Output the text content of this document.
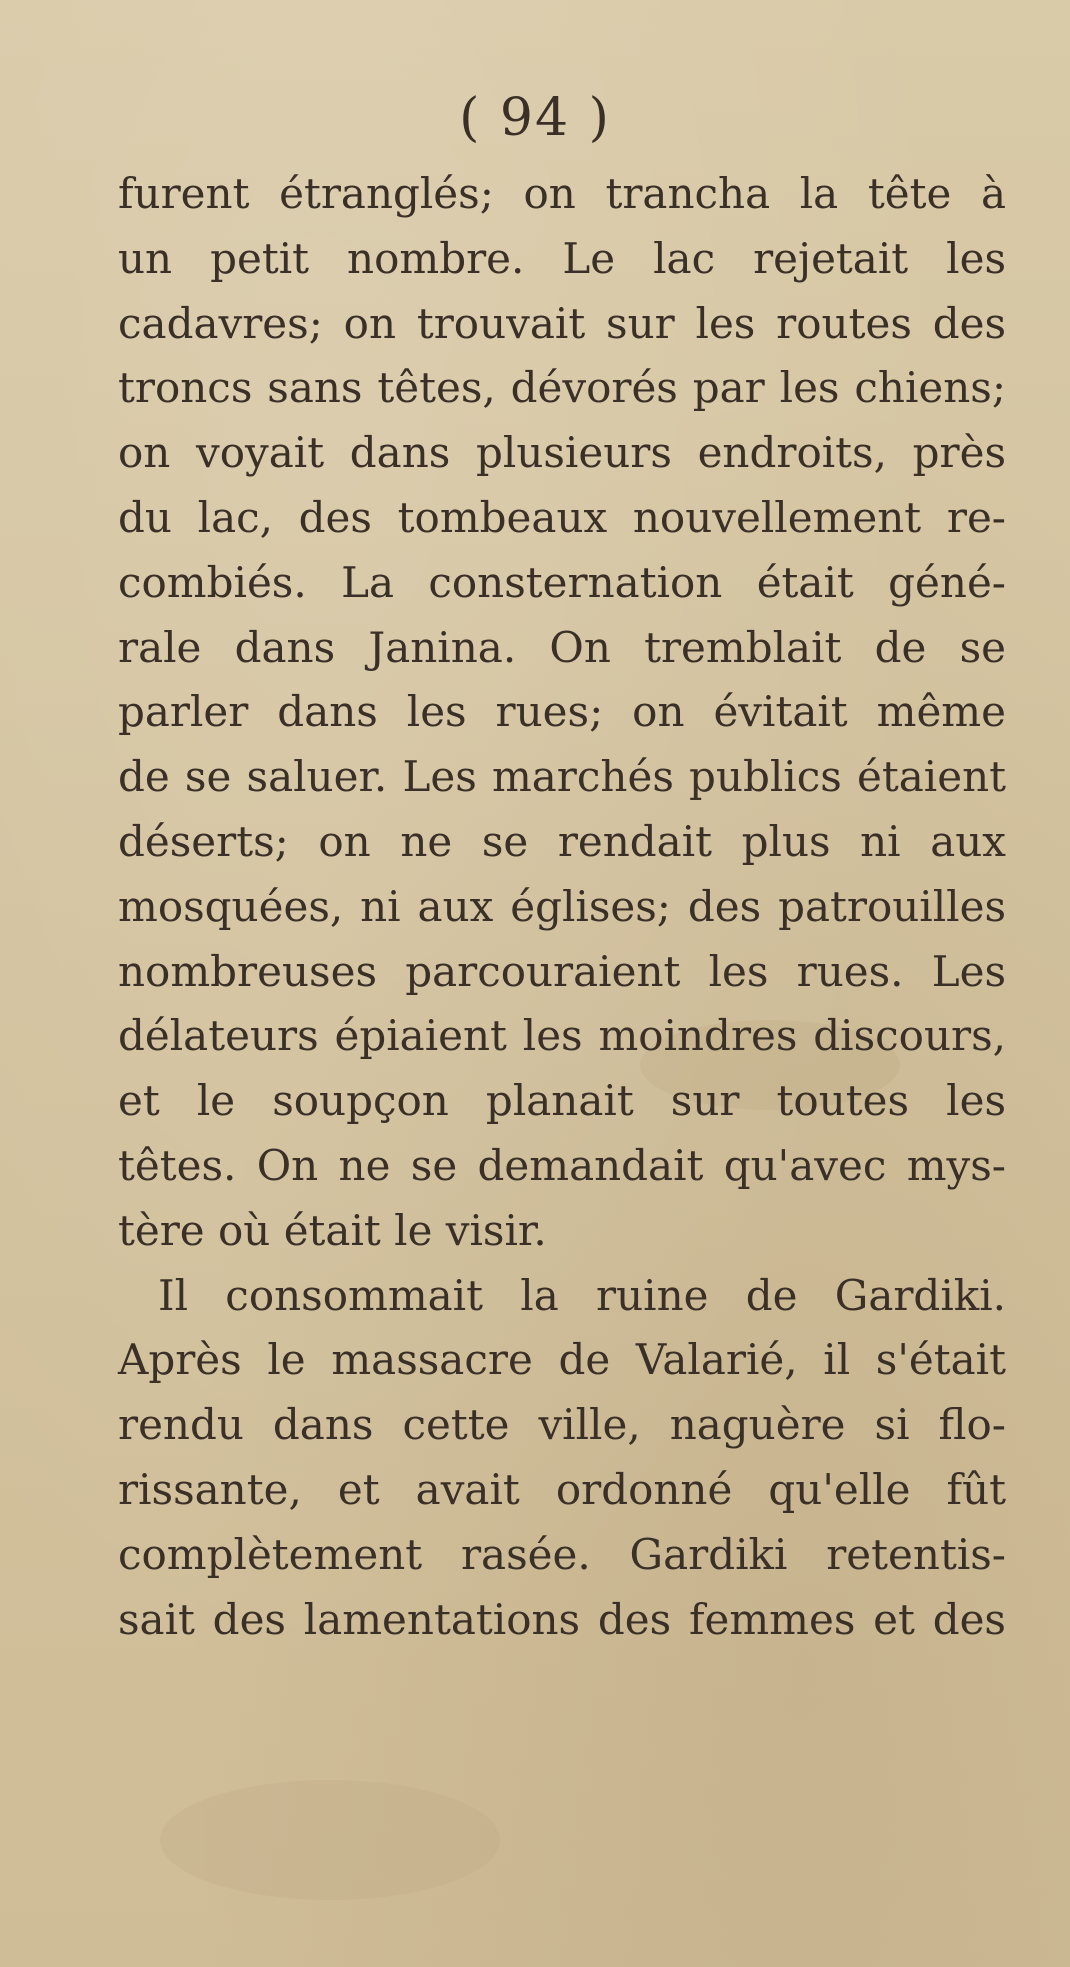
( 94 )
furent étranglés; on trancha la tête à
un petit nombre. Le lac rejetait les
cadavres; on trouvait sur les routes des
troncs sans têtes, dévorés par les chiens;
on voyait dans plusieurs endroits, près
du lac, des tombeaux nouvellement re-
combiés. La consternation était géné-
rale dans Janina. On tremblait de se
parler dans les rues; on évitait même
de se saluer. Les marchés publics étaient
déserts; on ne se rendait plus ni aux
mosquées, ni aux églises; des patrouilles
nombreuses parcouraient les rues. Les
délateurs épiaient les moindres discours,
et le soupçon planait sur toutes les
têtes. On ne se demandait qu'avec mys-
tère où était le visir.
Il consommait la ruine de Gardiki.
Après le massacre de Valarié, il s'était
rendu dans cette ville, naguère si flo-
rissante, et avait ordonné qu'elle fût
complètement rasée. Gardiki retentis-
sait des lamentations des femmes et des
